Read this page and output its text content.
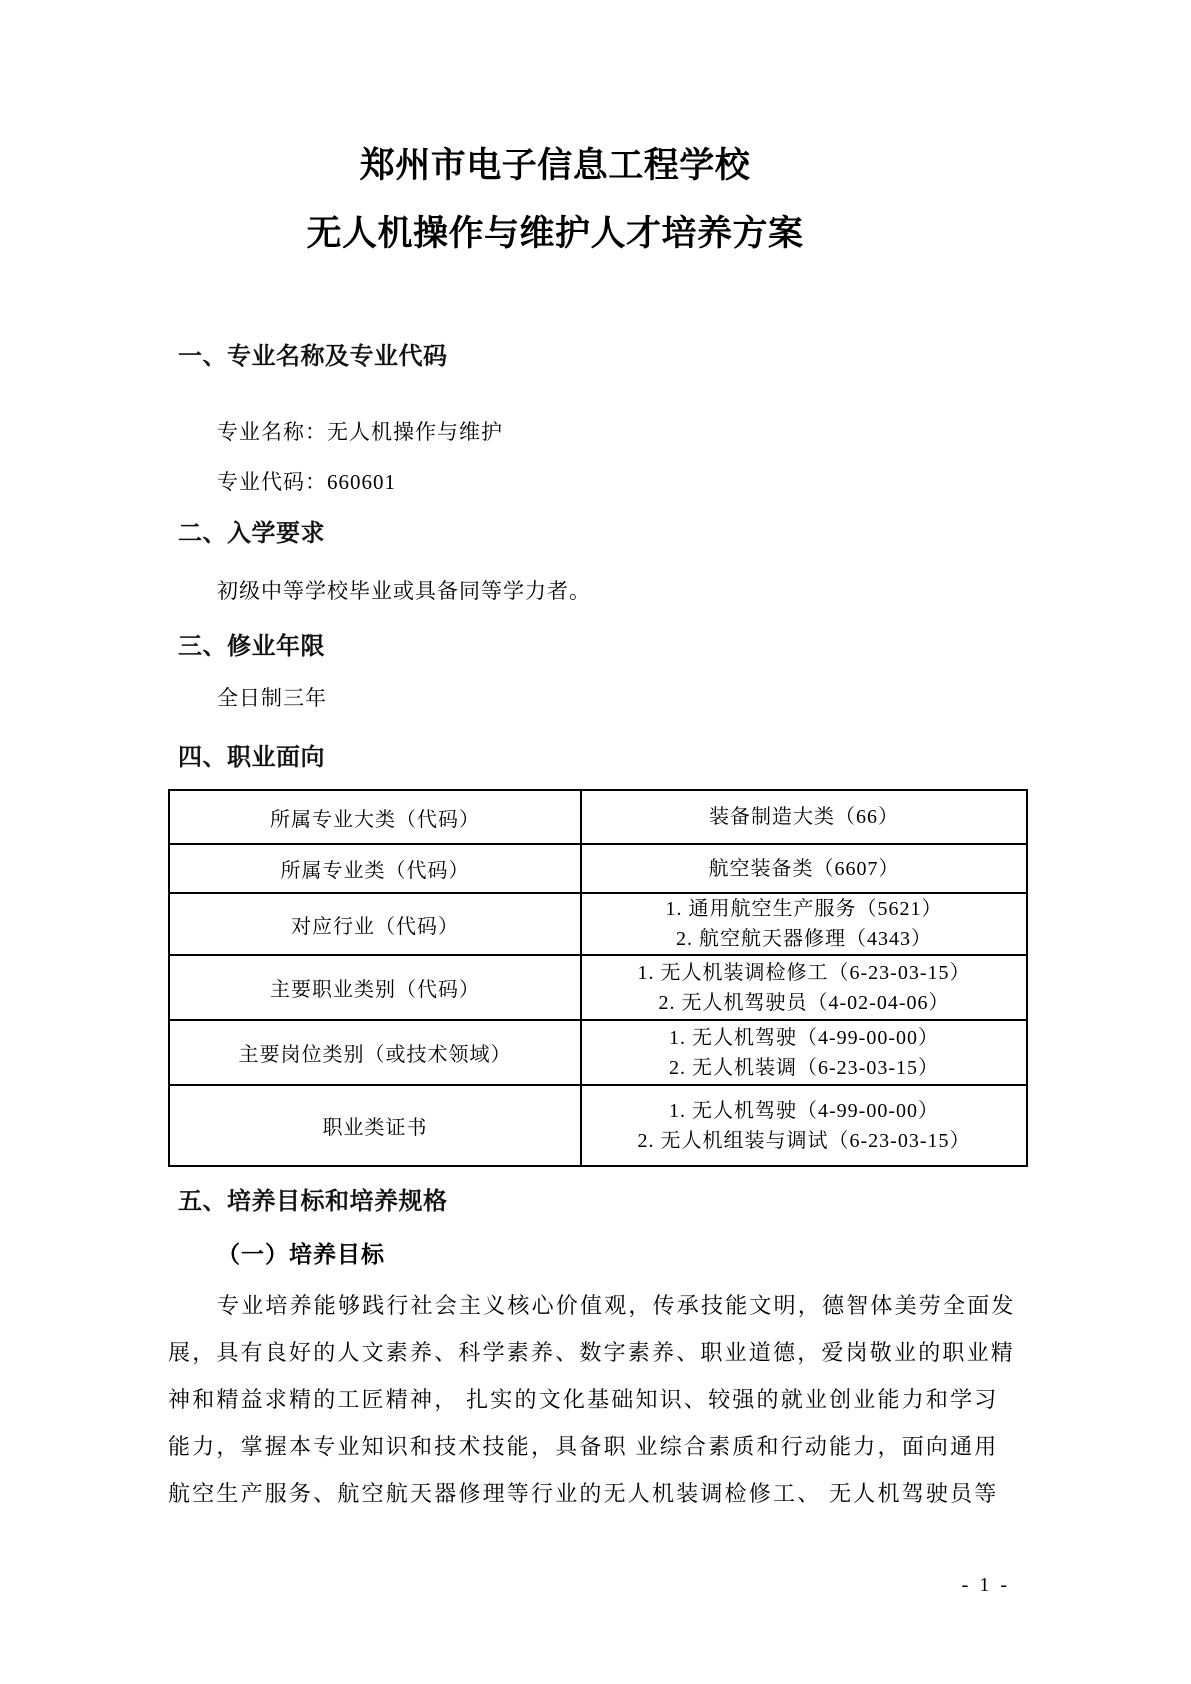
郑州市电子信息工程学校
无人机操作与维护人才培养方案
一、专业名称及专业代码
专业名称：无人机操作与维护
专业代码：660601
二、入学要求
初级中等学校毕业或具备同等学力者。
三、修业年限
全日制三年
四、职业面向
所属专业大类（代码）	装备制造大类（66）

所属专业类（代码）	航空装备类（6607）

对应行业（代码）	1. 通用航空生产服务（5621）
2. 航空航天器修理（4343）

主要职业类别（代码）	1. 无人机装调检修工（6-23-03-15）
2. 无人机驾驶员（4-02-04-06）

主要岗位类别（或技术领域）	1. 无人机驾驶（4-99-00-00）
2. 无人机装调（6-23-03-15）

职业类证书	1. 无人机驾驶（4-99-00-00）
2. 无人机组装与调试（6-23-03-15）
五、培养目标和培养规格
（一）培养目标
专业培养能够践行社会主义核心价值观，传承技能文明，德智体美劳全面发
展，具有良好的人文素养、科学素养、数字素养、职业道德，爱岗敬业的职业精
神和精益求精的工匠精神， 扎实的文化基础知识、较强的就业创业能力和学习
能力，掌握本专业知识和技术技能，具备职 业综合素质和行动能力，面向通用
航空生产服务、航空航天器修理等行业的无人机装调检修工、 无人机驾驶员等
- 1 -
